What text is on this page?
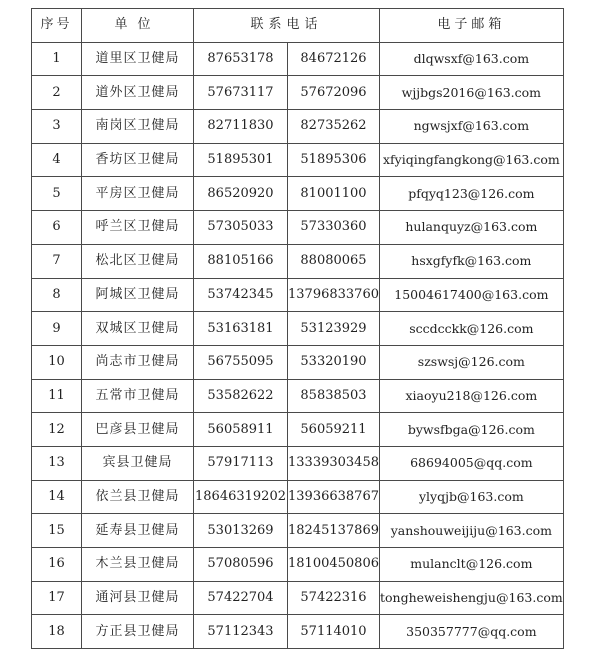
序号	单位	联系电话		电子邮箱
1	道里区卫健局	87653178	84672126	dlqwsxf@163.com
2	道外区卫健局	57673117	57672096	wjjbgs2016@163.com
3	南岗区卫健局	82711830	82735262	ngwsjxf@163.com
4	香坊区卫健局	51895301	51895306	xfyiqingfangkong@163.com
5	平房区卫健局	86520920	81001100	pfqyq123@126.com
6	呼兰区卫健局	57305033	57330360	hulanquyz@163.com
7	松北区卫健局	88105166	88080065	hsxgfyfk@163.com
8	阿城区卫健局	53742345	13796833760	15004617400@163.com
9	双城区卫健局	53163181	53123929	sccdcckk@126.com
10	尚志市卫健局	56755095	53320190	szswsj@126.com
11	五常市卫健局	53582622	85838503	xiaoyu218@126.com
12	巴彦县卫健局	56058911	56059211	bywsfbga@126.com
13	宾县卫健局	57917113	13339303458	68694005@qq.com
14	依兰县卫健局	18646319202	13936638767	ylyqjb@163.com
15	延寿县卫健局	53013269	18245137869	yanshouweijiju@163.com
16	木兰县卫健局	57080596	18100450806	mulanclt@126.com
17	通河县卫健局	57422704	57422316	tongheweishengju@163.com
18	方正县卫健局	57112343	57114010	350357777@qq.com
